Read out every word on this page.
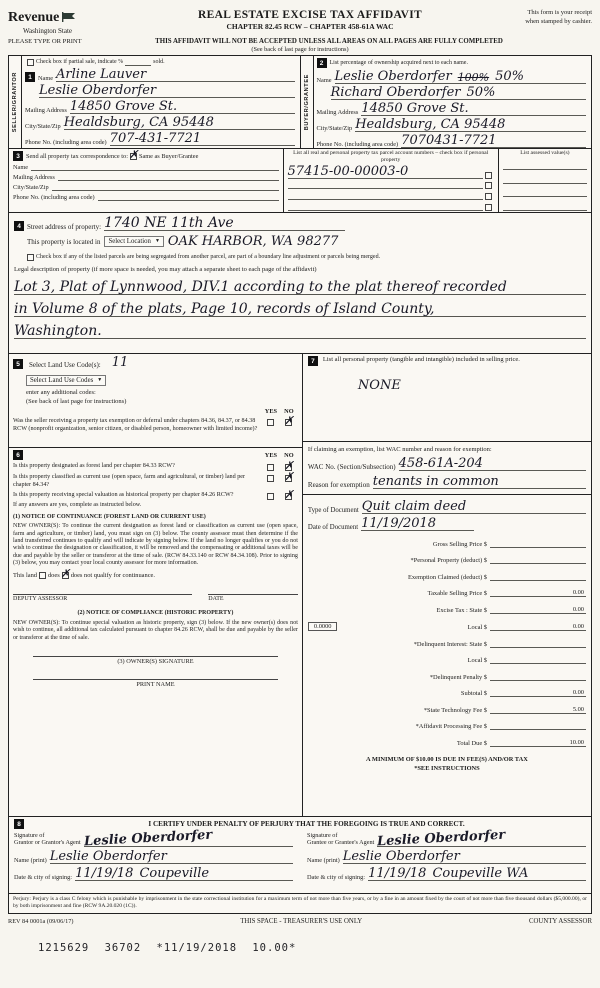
Revenue
Washington State
REAL ESTATE EXCISE TAX AFFIDAVIT
CHAPTER 82.45 RCW – CHAPTER 458-61A WAC
This form is your receipt
when stamped by cashier.
PLEASE TYPE OR PRINT	THIS AFFIDAVIT WILL NOT BE ACCEPTED UNLESS ALL AREAS ON ALL PAGES ARE FULLY COMPLETED
(See back of last page for instructions)
SELLER/GRANTOR
Check box if partial sale, indicate %	sold.
1 Name Arline Lauver
Leslie Oberdorfer
Mailing Address 14850 Grove St.
City/State/Zip Healdsburg, CA 95448
Phone No. (including area code) 707-431-7721
BUYER/GRANTEE
2	List percentage of ownership acquired next to each name.
Name Leslie Oberdorfer 100% 50%
Richard Oberdorfer 50%
Mailing Address 14850 Grove St.
City/State/Zip Healdsburg, CA 95448
Phone No. (including area code) 7070431-7721
3 Send all property tax correspondence to: ✗ Same as Buyer/Grantee
Name
Mailing Address
City/State/Zip
Phone No. (including area code)
List all real and personal property tax parcel account numbers – check box if personal property
57415-00-00003-0
List assessed value(s)
4 Street address of property: 1740 NE 11th Ave
This property is located in Select Location ▼ OAK HARBOR, WA 98277
Check box if any of the listed parcels are being segregated from another parcel, are part of a boundary line adjustment or parcels being merged.
Legal description of property (if more space is needed, you may attach a separate sheet to each page of the affidavit)
Lot 3, Plat of Lynnwood, DIV.1 according to the plat thereof recorded
in Volume 8 of the plats, Page 10, records of Island County,
Washington.
5	Select Land Use Code(s): 11
Select Land Use Codes ▼
enter any additional codes:
(See back of last page for instructions)
YES	NO
Was the seller receiving a property tax exemption or deferral under chapters 84.36, 84.37, or 84.38 RCW (nonprofit organization, senior citizen, or disabled person, homeowner with limited income)?
✗
6	YES	NO
Is this property designated as forest land per chapter 84.33 RCW?	✗
Is this property classified as current use (open space, farm and agricultural, or timber) land per chapter 84.34?
✗
Is this property receiving special valuation as historical property per chapter 84.26 RCW?	✗
If any answers are yes, complete as instructed below.
(1) NOTICE OF CONTINUANCE (FOREST LAND OR CURRENT USE)
NEW OWNER(S): To continue the current designation as forest land or classification as current use (open space, farm and agriculture, or timber) land, you must sign on (3) below. The county assessor must then determine if the land transferred continues to qualify and will indicate by signing below. If the land no longer qualifies or you do not wish to continue the designation or classification, it will be removed and the compensating or additional taxes will be due and payable by the seller or transferor at the time of sale. (RCW 84.33.140 or RCW 84.34.108). Prior to signing (3) below, you may contact your local county assessor for more information.
This land does ✗ does not qualify for continuance.
DEPUTY ASSESSOR	DATE
(2) NOTICE OF COMPLIANCE (HISTORIC PROPERTY)
NEW OWNER(S): To continue special valuation as historic property, sign (3) below. If the new owner(s) does not wish to continue, all additional tax calculated pursuant to chapter 84.26 RCW, shall be due and payable by the seller or transferor at the time of sale.
(3) OWNER(S) SIGNATURE
PRINT NAME
7	List all personal property (tangible and intangible) included in selling price.
NONE
If claiming an exemption, list WAC number and reason for exemption:
WAC No. (Section/Subsection) 458-61A-204
Reason for exemption tenants in common
Type of Document Quit claim deed
Date of Document 11/19/2018
Gross Selling Price $
*Personal Property (deduct) $
Exemption Claimed (deduct) $
Taxable Selling Price $	0.00
Excise Tax : State $	0.00
0.0000	Local $	0.00
*Delinquent Interest: State $
Local $
*Delinquent Penalty $
Subtotal $	0.00
*State Technology Fee $	5.00
*Affidavit Processing Fee $
Total Due $	10.00
A MINIMUM OF $10.00 IS DUE IN FEE(S) AND/OR TAX
*SEE INSTRUCTIONS
8	I CERTIFY UNDER PENALTY OF PERJURY THAT THE FOREGOING IS TRUE AND CORRECT.
Signature of
Grantor or Grantor's Agent Leslie Oberdorfer
Name (print) Leslie Oberdorfer
Date & city of signing: 11/19/18 Coupeville
Signature of
Grantee or Grantee's Agent Leslie Oberdorfer
Name (print) Leslie Oberdorfer
Date & city of signing: 11/19/18 Coupeville WA
Perjury: Perjury is a class C felony which is punishable by imprisonment in the state correctional institution for a maximum term of not more than five years, or by a fine in an amount fixed by the court of not more than five thousand dollars ($5,000.00), or by both imprisonment and fine (RCW 9A.20.020 (1C)).
REV 84 0001a (09/06/17)	THIS SPACE - TREASURER'S USE ONLY	COUNTY ASSESSOR
1215629 36702 *11/19/2018 10.00*
